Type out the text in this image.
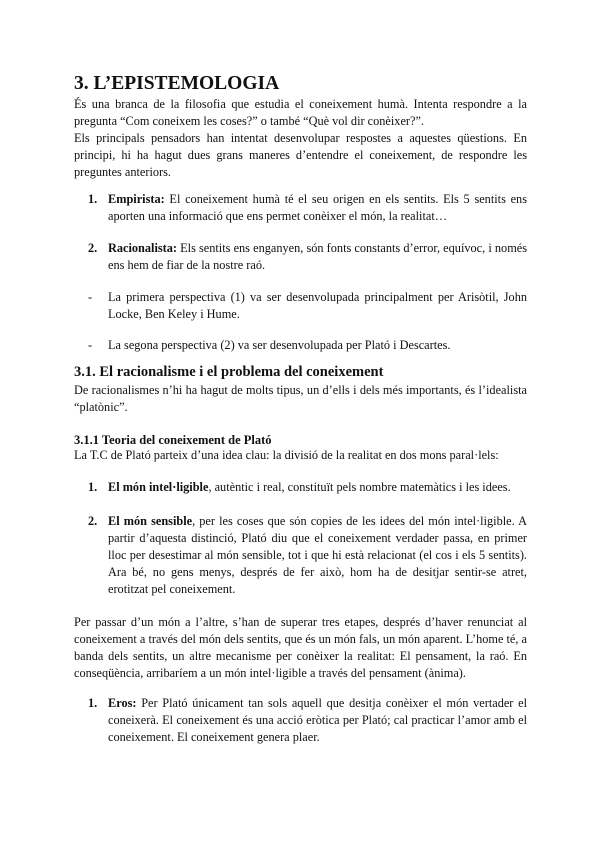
3. L’EPISTEMOLOGIA

És una branca de la filosofia que estudia el coneixement humà. Intenta respondre a la pregunta “Com coneixem les coses?” o també “Què vol dir conèixer?”.

Els principals pensadors han intentat desenvolupar respostes a aquestes qüestions. En principi, hi ha hagut dues grans maneres d’entendre el coneixement, de respondre les preguntes anteriors.

1. Empirista: El coneixement humà té el seu origen en els sentits. Els 5 sentits ens aporten una informació que ens permet conèixer el món, la realitat…
2. Racionalista: Els sentits ens enganyen, són fonts constants d’error, equívoc, i només ens hem de fiar de la nostre raó.
-	La primera perspectiva (1) va ser desenvolupada principalment per Arisòtil, John Locke, Ben Keley i Hume.
-	La segona perspectiva (2) va ser desenvolupada per Plató i Descartes.
3.1. El racionalisme i el problema del coneixement

De racionalismes n’hi ha hagut de molts tipus, un d’ells i dels més importants, és l’idealista “platònic”.

3.1.1 Teoria del coneixement de Plató

La T.C de Plató parteix d’una idea clau: la divisió de la realitat en dos mons paral·lels:

1. El món intel·ligible, autèntic i real, constituït pels nombre matemàtics i les idees.
2. El món sensible, per les coses que són copies de les idees del món intel·ligible. A partir d’aquesta distinció, Plató diu que el coneixement verdader passa, en primer lloc per desestimar al món sensible, tot i que hi està relacionat (el cos i els 5 sentits). Ara bé, no gens menys, després de fer això, hom ha de desitjar sentir-se atret, erotitzat pel coneixement.

Per passar d’un món a l’altre, s’han de superar tres etapes, després d’haver renunciat al coneixement a través del món dels sentits, que és un món fals, un món aparent. L’home té, a banda dels sentits, un altre mecanisme per conèixer la realitat: El pensament, la raó. En conseqüència, arribaríem a un món intel·ligible a través del pensament (ànima).

1. Eros: Per Plató únicament tan sols aquell que desitja conèixer el món vertader el coneixerà. El coneixement és una acció eròtica per Plató; cal practicar l’amor amb el coneixement. El coneixement genera plaer.
